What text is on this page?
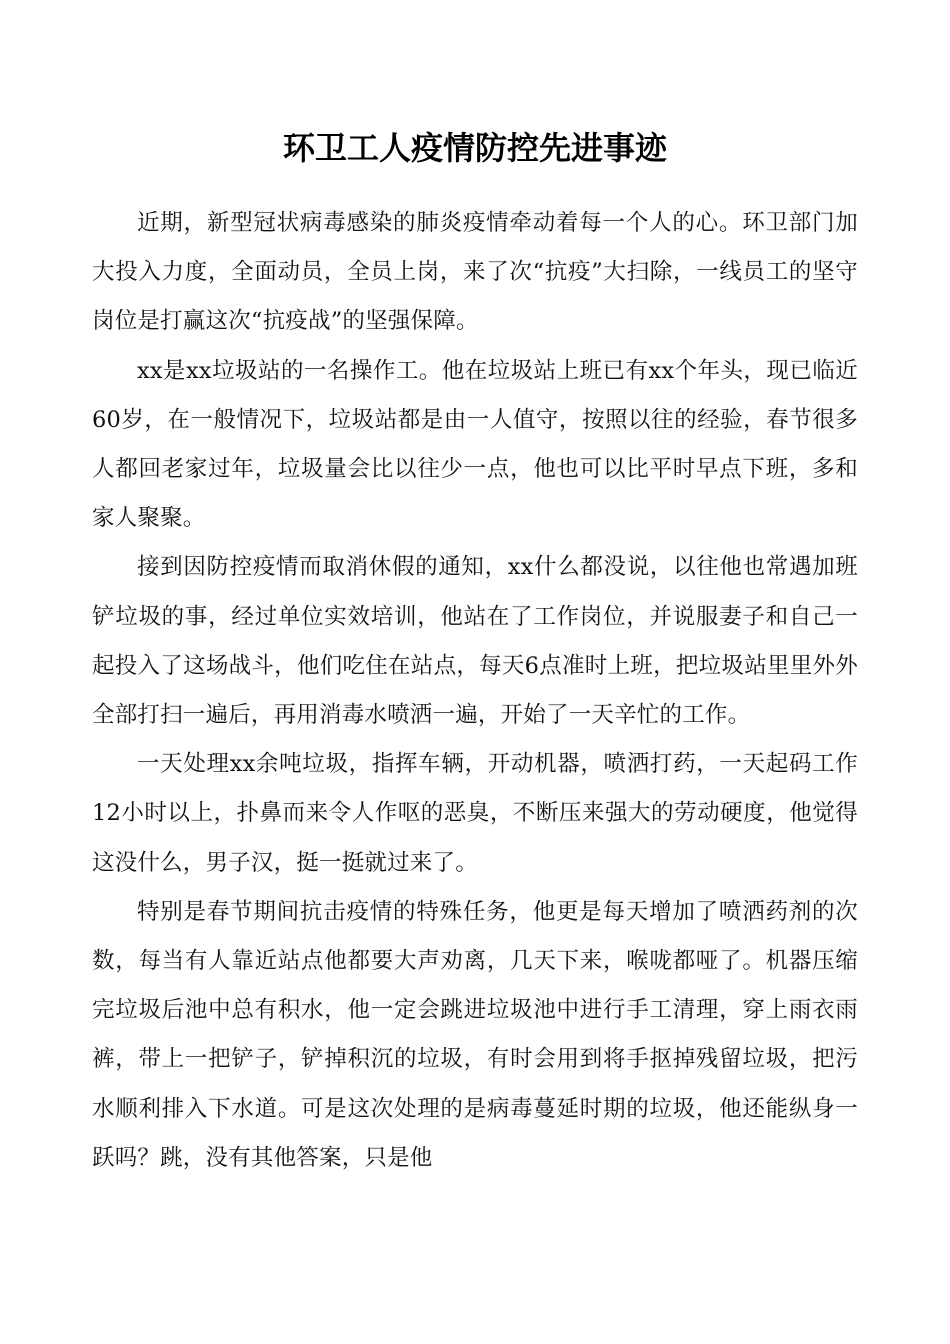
环卫工人疫情防控先进事迹

近期，新型冠状病毒感染的肺炎疫情牵动着每一个人的心。环卫部门加大投入力度，全面动员，全员上岗，来了次“抗疫”大扫除，一线员工的坚守岗位是打赢这次“抗疫战”的坚强保障。

xx是xx垃圾站的一名操作工。他在垃圾站上班已有xx个年头，现已临近60岁，在一般情况下，垃圾站都是由一人值守，按照以往的经验，春节很多人都回老家过年，垃圾量会比以往少一点，他也可以比平时早点下班，多和家人聚聚。

接到因防控疫情而取消休假的通知，xx什么都没说，以往他也常遇加班铲垃圾的事，经过单位实效培训，他站在了工作岗位，并说服妻子和自己一起投入了这场战斗，他们吃住在站点，每天6点准时上班，把垃圾站里里外外全部打扫一遍后，再用消毒水喷洒一遍，开始了一天辛忙的工作。

一天处理xx余吨垃圾，指挥车辆，开动机器，喷洒打药，一天起码工作12小时以上，扑鼻而来令人作呕的恶臭，不断压来强大的劳动硬度，他觉得这没什么，男子汉，挺一挺就过来了。

特别是春节期间抗击疫情的特殊任务，他更是每天增加了喷洒药剂的次数，每当有人靠近站点他都要大声劝离，几天下来，喉咙都哑了。机器压缩完垃圾后池中总有积水，他一定会跳进垃圾池中进行手工清理，穿上雨衣雨裤，带上一把铲子，铲掉积沉的垃圾，有时会用到将手抠掉残留垃圾，把污水顺利排入下水道。可是这次处理的是病毒蔓延时期的垃圾，他还能纵身一跃吗？跳，没有其他答案，只是他
